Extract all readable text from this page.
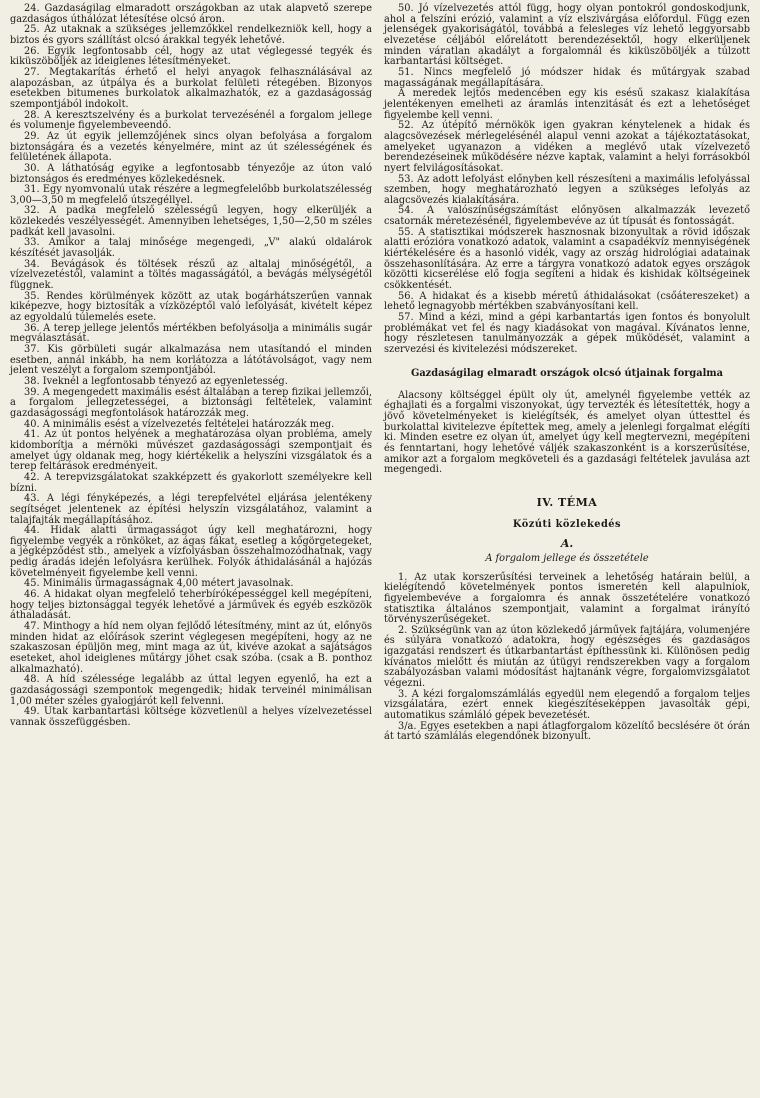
24. Gazdaságilag elmaradott országokban az utak alapvető szerepe gazdaságos úthálózat létesítése olcsó áron.

25. Az utaknak a szükséges jellemzőkkel rendelkezniök kell, hogy a biztos és gyors szállítást olcsó árakkal tegyék lehetővé.

26. Egyik legfontosabb cél, hogy az utat véglegessé tegyék és kiküszöböljék az ideiglenes létesítményeket.

27. Megtakarítás érhető el helyi anyagok felhasználásával az alapozásban, az útpálya és a burkolat felületi rétegében. Bizonyos esetekben bitumenes burkolatok alkalmazhatók, ez a gazdaságosság szempontjából indokolt.

28. A keresztszelvény és a burkolat tervezésénél a forgalom jellege és volumenje figyelembeveendő.

29. Az út egyik jellemzőjének sincs olyan befolyása a forgalom biztonságára és a vezetés kényelmére, mint az út szélességének és felületének állapota.

30. A láthatóság egyike a legfontosabb tényezője az úton való biztonságos és eredményes közlekedésnek.

31. Egy nyomvonalú utak részére a legmegfelelőbb burkolatszélesség 3,00—3,50 m megfelelő útszegéllyel.

32. A padka megfelelő szélességű legyen, hogy elkerüljék a közlekedés veszélyességét. Amennyiben lehetséges, 1,50—2,50 m széles padkát kell javasolni.

33. Amikor a talaj minősége megengedi, „V" alakú oldalárok készítését javasolják.

34. Bevágások és töltések részű az altalaj minőségétől, a vízelvezetéstől, valamint a töltés magasságától, a bevágás mélységétől függnek.

35. Rendes körülmények között az utak bogárhátszerűen vannak kiképezve, hogy biztosíták a vízközéptől való lefolyását, kivételt képez az egyoldalú túlemelés esete.

36. A terep jellege jelentős mértékben befolyásolja a minimális sugár megválasztását.

37. Kis görbületi sugár alkalmazása nem utasítandó el minden esetben, annál inkább, ha nem korlátozza a látótávolságot, vagy nem jelent veszélyt a forgalom szempontjából.

38. Iveknél a legfontosabb tényező az egyenletesség.

39. A megengedett maximális esést általában a terep fizikai jellemzői, a forgalom jellegzetességei, a biztonsági feltételek, valamint gazdaságossági megfontolások határozzák meg.

40. A minimális esést a vízelvezetés feltételei határozzák meg.

41. Az út pontos helyének a meghatározása olyan probléma, amely kidomborítja a mérnöki művészet gazdaságossági szempontjait és amelyet úgy oldanak meg, hogy kiértékelik a helyszíni vizsgálatok és a terep feltárások eredményeit.

42. A terepvizsgálatokat szakképzett és gyakorlott személyekre kell bízni.

43. A légi fényképezés, a légi terepfelvétel eljárása jelentékeny segítséget jelentenek az építési helyszín vizsgálatához, valamint a talajfajták megállapításához.

44. Hidak alatti űrmagasságot úgy kell meghatározni, hogy figyelembe vegyék a rönköket, az ágas fákat, esetleg a kőgörgetegeket, a jégképződést stb., amelyek a vízfolyásban összehalmozódhatnak, vagy pedig áradás idején lefolyásra kerülhek. Folyók áthidalásánál a hajózás követelményeit figyelembe kell venni.

45. Minimális űrmagasságnak 4,00 métert javasolnak.

46. A hidakat olyan megfelelő teherbíróképességgel kell megépíteni, hogy teljes biztonsággal tegyék lehetővé a járművek és egyéb eszközök áthaladását.

47. Minthogy a híd nem olyan fejlődő létesítmény, mint az út, előnyös minden hidat az előírások szerint véglegesen megépíteni, hogy az ne szakaszosan épüljön meg, mint maga az út, kivéve azokat a sajátságos eseteket, ahol ideiglenes műtárgy jöhet csak szóba. (csak a B. ponthoz alkalmazható).

48. A híd szélessége legalább az úttal legyen egyenlő, ha ezt a gazdaságossági szempontok megengedik; hidak terveinél minimálisan 1,00 méter széles gyalogjárót kell felvenni.

49. Utak karbantartási költsége közvetlenül a helyes vízelvezetéssel vannak összefüggésben.

50. Jó vízelvezetés attól függ, hogy olyan pontokról gondoskodjunk, ahol a felszíni erózió, valamint a víz elszivárgása előfordul. Függ ezen jelenségek gyakoriságától, továbbá a felesleges víz lehető leggyorsabb elvezetése céljából előrelátott berendezésektől, hogy elkerüljenek minden váratlan akadályt a forgalomnál és kiküszöböljék a túlzott karbantartási költséget.

51. Nincs megfelelő jó módszer hidak és műtárgyak szabad magasságának megállapítására.

A meredek lejtős medencében egy kis esésű szakasz kialakítása jelentékenyen emelheti az áramlás intenzitását és ezt a lehetőséget figyelembe kell venni.

52. Az útépítő mérnökök igen gyakran kénytelenek a hidak és alagcsövezések mérlegelésénél alapul venni azokat a tájékoztatásokat, amelyeket ugyanazon a vidéken a meglévő utak vízelvezető berendezéseinek működésére nézve kaptak, valamint a helyi forrásokból nyert felvilágosításokat.

53. Az adott lefolyást előnyben kell részesíteni a maximális lefolyással szemben, hogy meghatározható legyen a szükséges lefolyás az alagcsövezés kialakítására.

54. A valószínűségszámítást előnyösen alkalmazzák levezető csatornák méretezésénél, figyelembevéve az út típusát és fontosságát.

55. A statisztikai módszerek hasznosnak bizonyultak a rövid időszak alatti erózióra vonatkozó adatok, valamint a csapadékvíz mennyiségének kiértékelésére és a hasonló vidék, vagy az ország hidrológiai adatainak összehasonlítására. Az erre a tárgyra vonatkozó adatok egyes országok közötti kicserélése elő fogja segíteni a hidak és kishidak költségeinek csökkentését.

56. A hidakat és a kisebb méretű áthidalásokat (csőátereszeket) a lehető legnagyobb mértékben szabványosítani kell.

57. Mind a kézi, mind a gépi karbantartás igen fontos és bonyolult problémákat vet fel és nagy kiadásokat von magával. Kívánatos lenne, hogy részletesen tanulmányozzák a gépek működését, valamint a szervezési és kivitelezési módszereket.

Gazdaságilag elmaradt országok olcsó útjainak forgalma

Alacsony költséggel épült oly út, amelynél figyelembe vették az éghajlati és a forgalmi viszonyokat, úgy tervezték és létesítették, hogy a jövő követelményeket is kielégítsék, és amelyet olyan úttesttel és burkolattal kivitelezve építettek meg, amely a jelenlegi forgalmat elégíti ki. Minden esetre ez olyan út, amelyet úgy kell megtervezni, megépíteni és fenntartani, hogy lehetővé váljék szakaszonként is a korszerűsítése, amikor azt a forgalom megköveteli és a gazdasági feltételek javulása azt megengedi.

IV. TÉMA
Közúti közlekedés
A.
A forgalom jellege és összetétele

1. Az utak korszerűsítési terveinek a lehetőség határain belül, a kielégítendő követelmények pontos ismeretén kell alapulniok, figyelembevéve a forgalomra és annak összetételére vonatkozó statisztika általános szempontjait, valamint a forgalmat irányító törvényszerűségeket.

2. Szükségünk van az úton közlekedő járművek fajtájára, volumenjére és súlyára vonatkozó adatokra, hogy egészséges és gazdaságos igazgatási rendszert és útkarbantartást építhessünk ki. Különösen pedig kívánatos mielőtt és miután az útügyi rendszerekben vagy a forgalom szabályozásban valami módosítást hajtanánk végre, forgalomvizsgálatot végezni.

3. A kézi forgalomszámlálás egyedül nem elegendő a forgalom teljes vizsgálatára, ezért ennek kiegészítéseképpen javasolták gépi, automatikus számláló gépek bevezetését.

3/a. Egyes esetekben a napi átlagforgalom közelítő becslésére öt órán át tartó számlálás elegendőnek bizonyult.
